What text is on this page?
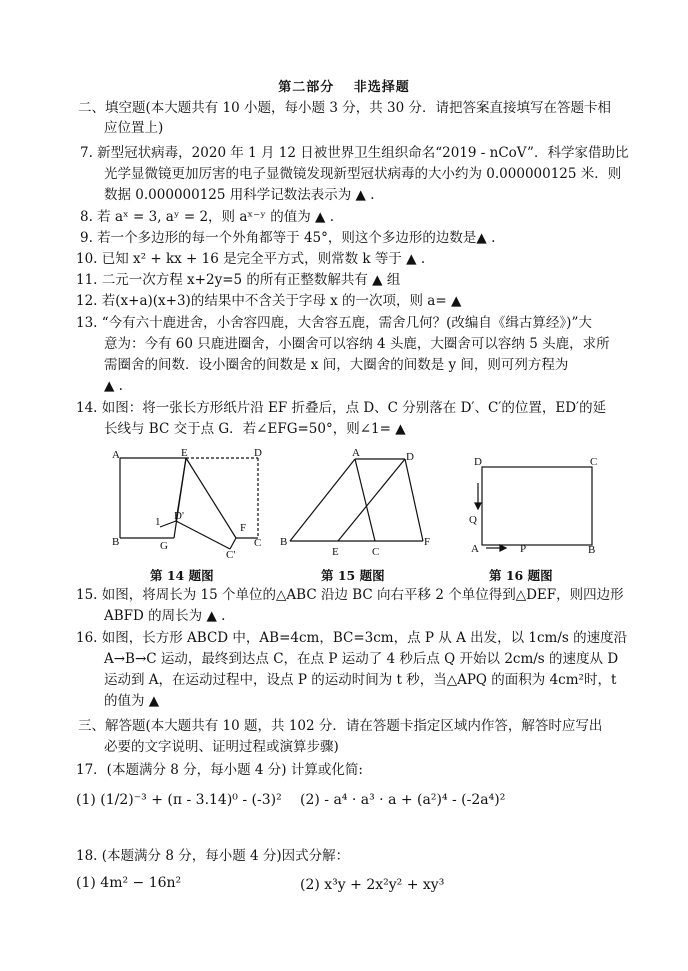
第二部分　 非选择题
二、填空题(本大题共有 10 小题，每小题 3 分，共 30 分．请把答案直接填写在答题卡相
应位置上)
7. 新型冠状病毒，2020 年 1 月 12 日被世界卫生组织命名“2019 - nCoV”．科学家借助比
光学显微镜更加厉害的电子显微镜发现新型冠状病毒的大小约为 0.000000125 米．则
数据 0.000000125 用科学记数法表示为 ▲ .
8. 若 aˣ = 3, aʸ = 2，则 aˣ⁻ʸ 的值为 ▲ .
9. 若一个多边形的每一个外角都等于 45°，则这个多边形的边数是▲ .
10. 已知 x² + kx + 16 是完全平方式，则常数 k 等于 ▲ .
11. 二元一次方程 x+2y=5 的所有正整数解共有 ▲ 组
12. 若(x+a)(x+3)的结果中不含关于字母 x 的一次项，则 a= ▲
13. “今有六十鹿进舍，小舍容四鹿，大舍容五鹿，需舍几何？(改编自《缉古算经》)”大
意为：今有 60 只鹿进圈舍，小圈舍可以容纳 4 头鹿，大圈舍可以容纳 5 头鹿，求所
需圈舍的间数．设小圈舍的间数是 x 间，大圈舍的间数是 y 间，则可列方程为
▲ .
14. 如图：将一张长方形纸片沿 EF 折叠后，点 D、C 分别落在 D′、C′的位置，ED′的延
长线与 BC 交于点 G．若∠EFG=50°，则∠1= ▲
A	E	D
D'
1
B	G
F
C
C'
第 14 题图
A	D
B
E	C
F
第 15 题图
D	C
Q
A	P	B
第 16 题图
15. 如图，将周长为 15 个单位的△ABC 沿边 BC 向右平移 2 个单位得到△DEF，则四边形
ABFD 的周长为 ▲ .
16. 如图，长方形 ABCD 中，AB=4cm，BC=3cm，点 P 从 A 出发，以 1cm/s 的速度沿
A→B→C 运动，最终到达点 C，在点 P 运动了 4 秒后点 Q 开始以 2cm/s 的速度从 D
运动到 A，在运动过程中，设点 P 的运动时间为 t 秒，当△APQ 的面积为 4cm²时，t
的值为 ▲
三、解答题(本大题共有 10 题，共 102 分．请在答题卡指定区域内作答，解答时应写出
必要的文字说明、证明过程或演算步骤)
17．(本题满分 8 分，每小题 4 分) 计算或化简:
(1) (1/2)⁻³ + (π - 3.14)⁰ - (-3)² (2) - a⁴ · a³ · a + (a²)⁴ - (-2a⁴)²
18. (本题满分 8 分，每小题 4 分)因式分解：
(1) 4m² − 16n²	(2) x³y + 2x²y² + xy³
